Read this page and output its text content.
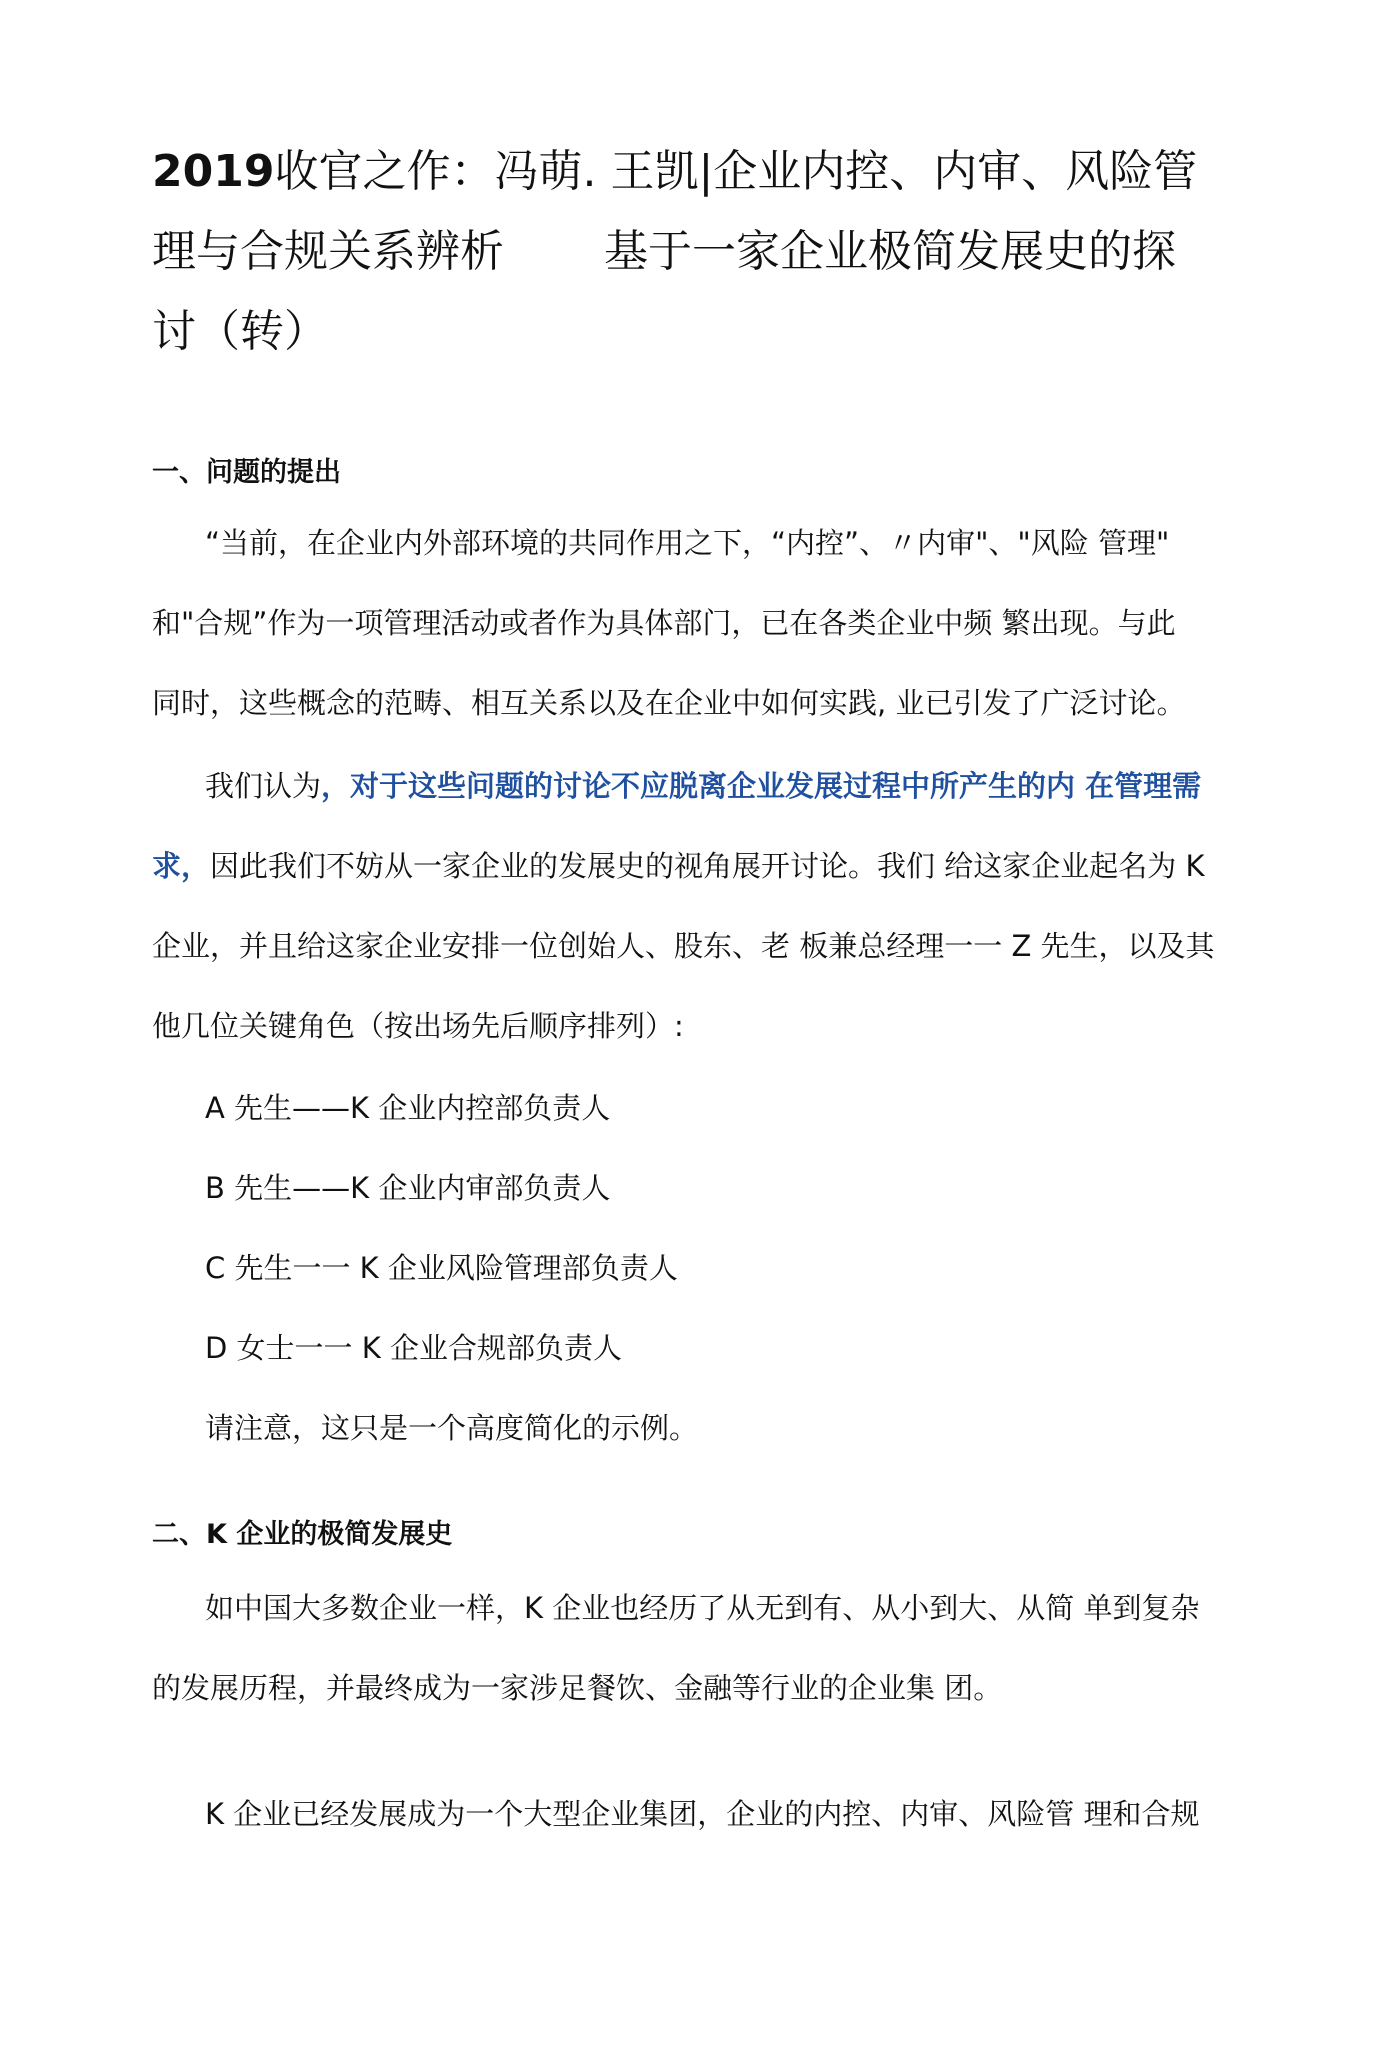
2019收官之作：冯萌. 王凯|企业内控、内审、风险管
理与合规关系辨析 基于一家企业极简发展史的探
讨（转）
一、问题的提出

“当前，在企业内外部环境的共同作用之下，“内控”、〃内审"、"风险 管理"

和"合规”作为一项管理活动或者作为具体部门，已在各类企业中频 繁出现。与此

同时，这些概念的范畴、相互关系以及在企业中如何实践, 业已引发了广泛讨论。

我们认为，对于这些问题的讨论不应脱离企业发展过程中所产生的内 在管理需

求，因此我们不妨从一家企业的发展史的视角展开讨论。我们 给这家企业起名为 K

企业，并且给这家企业安排一位创始人、股东、老 板兼总经理一一 Z 先生，以及其

他几位关键角色（按出场先后顺序排列）:

A 先生——K 企业内控部负责人

B 先生——K 企业内审部负责人

C 先生一一 K 企业风险管理部负责人

D 女士一一 K 企业合规部负责人

请注意，这只是一个高度简化的示例。

二、K 企业的极简发展史

如中国大多数企业一样，K 企业也经历了从无到有、从小到大、从简 单到复杂

的发展历程，并最终成为一家涉足餐饮、金融等行业的企业集 团。

K 企业已经发展成为一个大型企业集团，企业的内控、内审、风险管 理和合规
